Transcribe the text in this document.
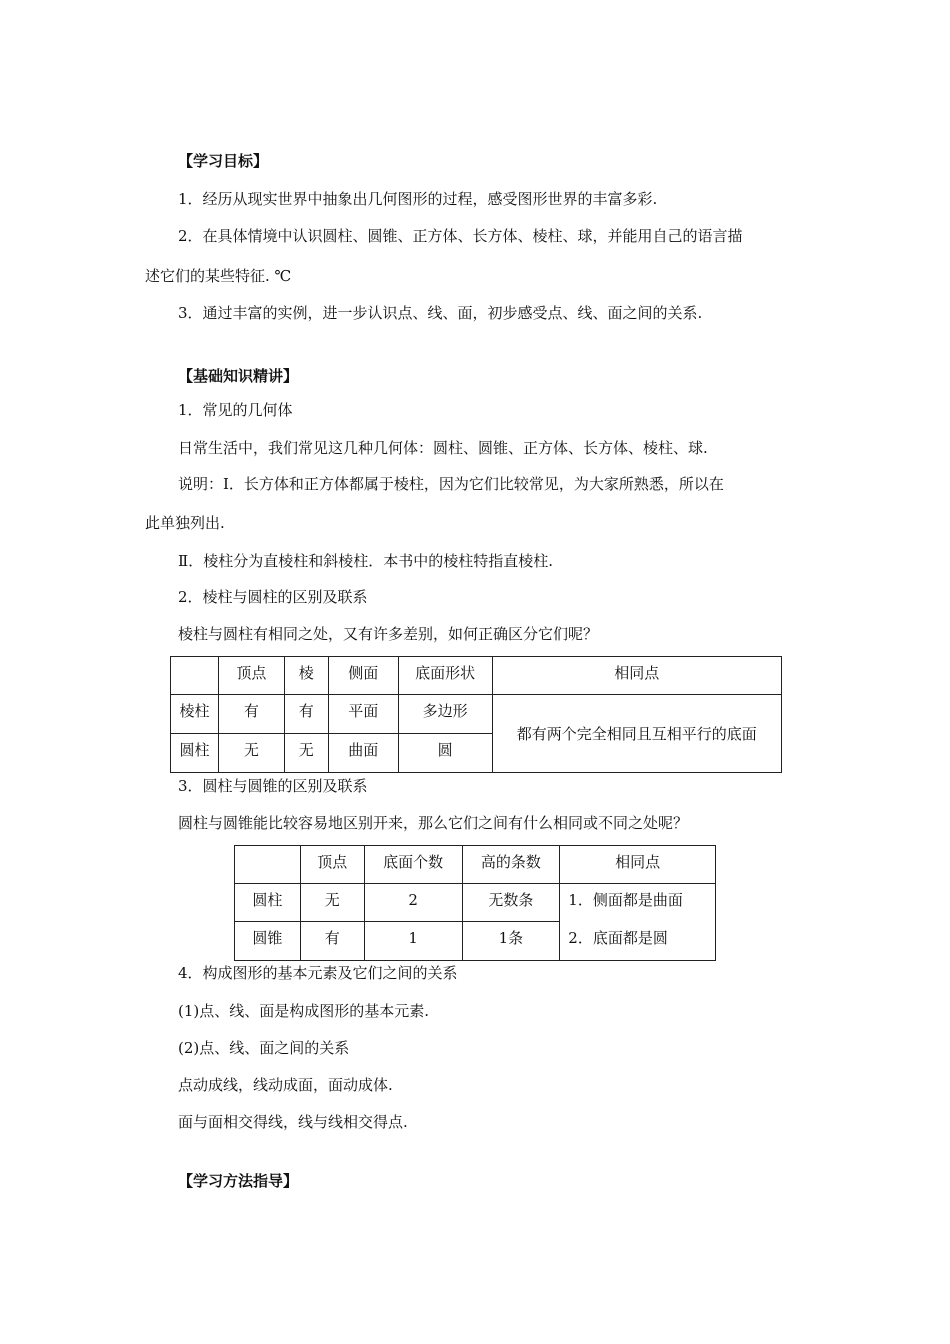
【学习目标】
1．经历从现实世界中抽象出几何图形的过程，感受图形世界的丰富多彩.
2．在具体情境中认识圆柱、圆锥、正方体、长方体、棱柱、球，并能用自己的语言描
述它们的某些特征. ℃
3．通过丰富的实例，进一步认识点、线、面，初步感受点、线、面之间的关系.
【基础知识精讲】
1．常见的几何体
日常生活中，我们常见这几种几何体：圆柱、圆锥、正方体、长方体、棱柱、球.
说明：Ⅰ．长方体和正方体都属于棱柱，因为它们比较常见，为大家所熟悉，所以在
此单独列出.
Ⅱ．棱柱分为直棱柱和斜棱柱．本书中的棱柱特指直棱柱.
2．棱柱与圆柱的区别及联系
棱柱与圆柱有相同之处，又有许多差别，如何正确区分它们呢？
	顶点	棱	侧面	底面形状	相同点
棱柱	有	有	平面	多边形	都有两个完全相同且互相平行的底面
圆柱	无	无	曲面	圆	
3．圆柱与圆锥的区别及联系
圆柱与圆锥能比较容易地区别开来，那么它们之间有什么相同或不同之处呢？
	顶点	底面个数	高的条数	相同点
圆柱	无	2	无数条	1．侧面都是曲面
2．底面都是圆

圆锥	有	1	1条	
4．构成图形的基本元素及它们之间的关系
(1)点、线、面是构成图形的基本元素.
(2)点、线、面之间的关系
点动成线，线动成面，面动成体.
面与面相交得线，线与线相交得点.
【学习方法指导】
